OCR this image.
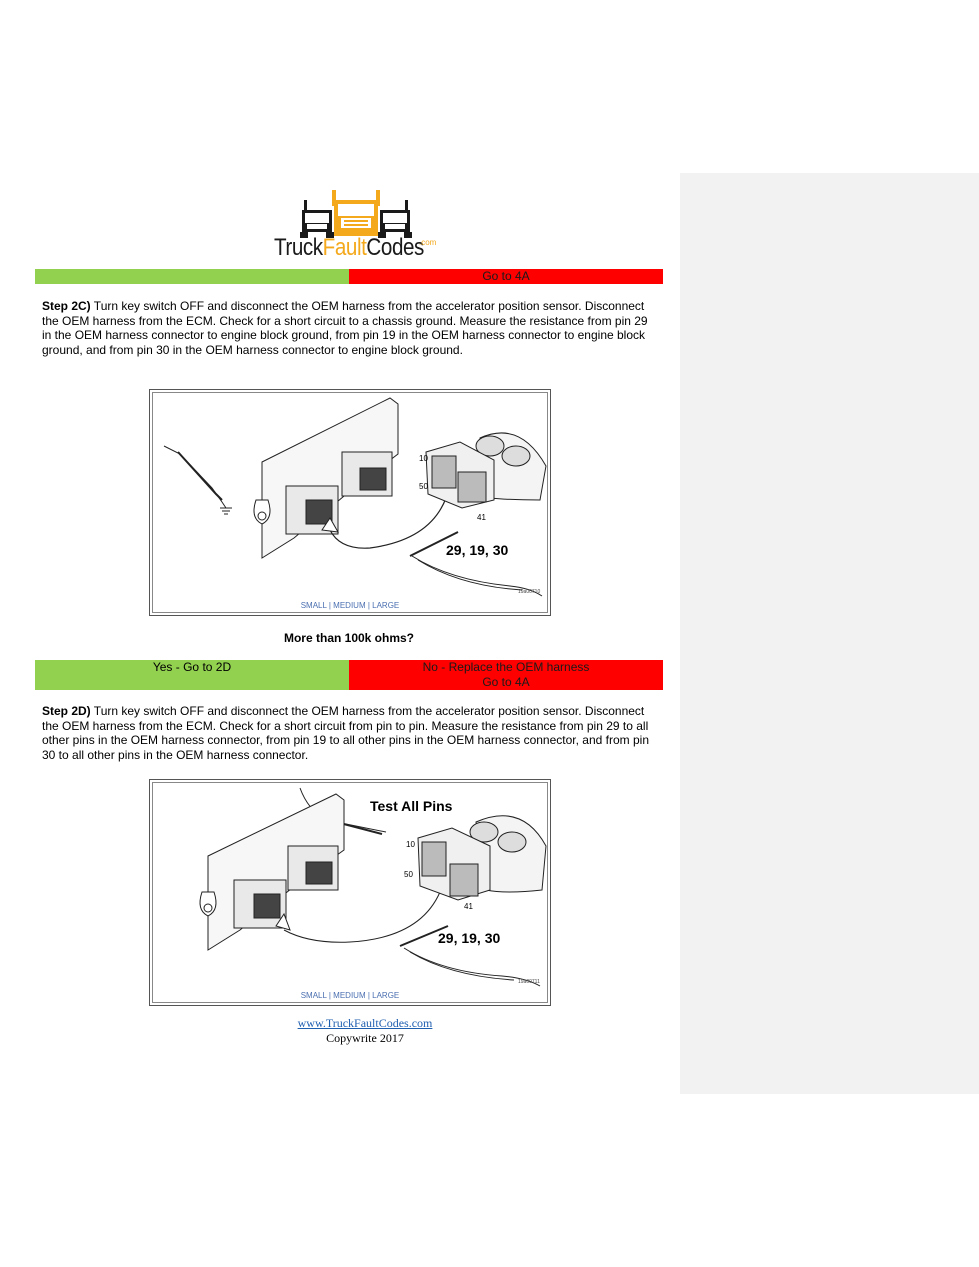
TruckFaultCodes
.com
Go to 4A
Step 2C) Turn key switch OFF and disconnect the OEM harness from the accelerator position sensor. Disconnect the OEM harness from the ECM. Check for a short circuit to a chassis ground. Measure the resistance from pin 29 in the OEM harness connector to engine block ground, from pin 19 in the OEM harness connector to engine block ground, and from pin 30 in the OEM harness connector to engine block ground.
10
50
41
29, 19, 30
19a00710
SMALL | MEDIUM | LARGE
More than 100k ohms?
Yes - Go to 2D	No - Replace the OEM harness
Go to 4A
Step 2D) Turn key switch OFF and disconnect the OEM harness from the accelerator position sensor. Disconnect the OEM harness from the ECM. Check for a short circuit from pin to pin. Measure the resistance from pin 29 to all other pins in the OEM harness connector, from pin 19 to all other pins in the OEM harness connector, and from pin 30 to all other pins in the OEM harness connector.
Test All Pins
10
50
41
29, 19, 30
19a00711
SMALL | MEDIUM | LARGE
www.TruckFaultCodes.com
Copywrite 2017
